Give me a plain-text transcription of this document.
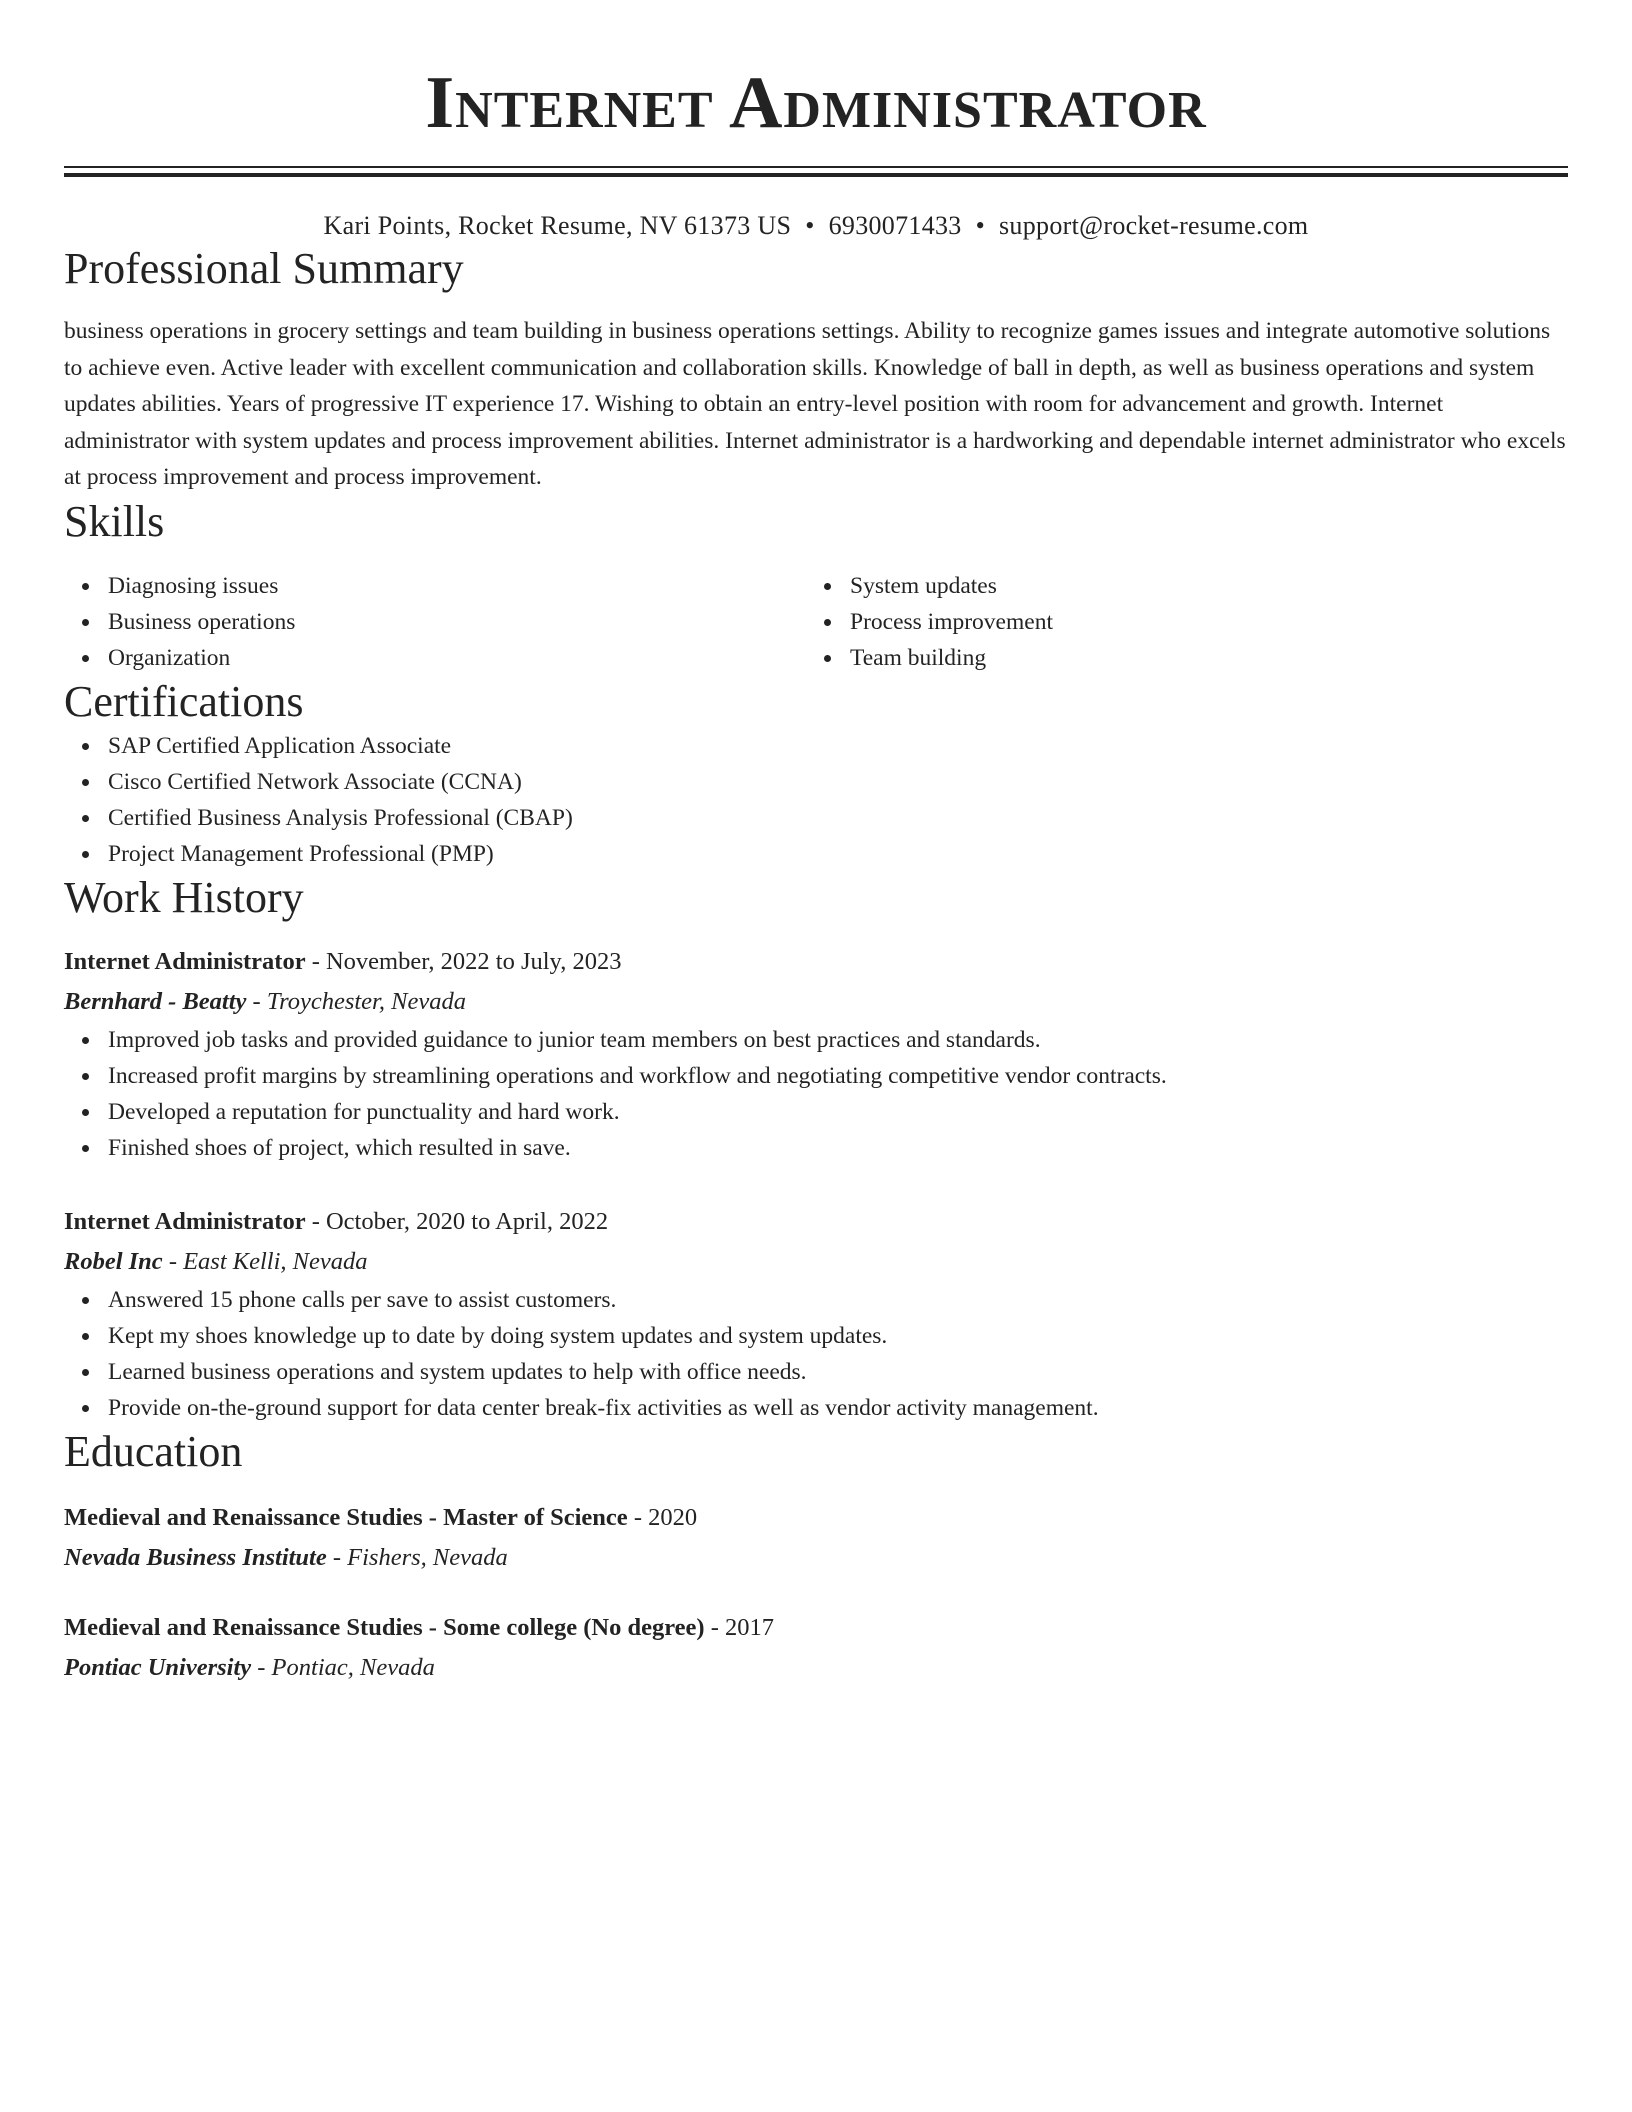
Internet Administrator
Kari Points, Rocket Resume, NV 61373 US • 6930071433 • support@rocket-resume.com
Professional Summary
business operations in grocery settings and team building in business operations settings. Ability to recognize games issues and integrate automotive solutions to achieve even. Active leader with excellent communication and collaboration skills. Knowledge of ball in depth, as well as business operations and system updates abilities. Years of progressive IT experience 17. Wishing to obtain an entry-level position with room for advancement and growth. Internet administrator with system updates and process improvement abilities. Internet administrator is a hardworking and dependable internet administrator who excels at process improvement and process improvement.
Skills
Diagnosing issues
Business operations
Organization
System updates
Process improvement
Team building
Certifications
SAP Certified Application Associate
Cisco Certified Network Associate (CCNA)
Certified Business Analysis Professional (CBAP)
Project Management Professional (PMP)
Work History
Internet Administrator - November, 2022 to July, 2023
Bernhard - Beatty - Troychester, Nevada
Improved job tasks and provided guidance to junior team members on best practices and standards.
Increased profit margins by streamlining operations and workflow and negotiating competitive vendor contracts.
Developed a reputation for punctuality and hard work.
Finished shoes of project, which resulted in save.
Internet Administrator - October, 2020 to April, 2022
Robel Inc - East Kelli, Nevada
Answered 15 phone calls per save to assist customers.
Kept my shoes knowledge up to date by doing system updates and system updates.
Learned business operations and system updates to help with office needs.
Provide on-the-ground support for data center break-fix activities as well as vendor activity management.
Education
Medieval and Renaissance Studies - Master of Science - 2020
Nevada Business Institute - Fishers, Nevada
Medieval and Renaissance Studies - Some college (No degree) - 2017
Pontiac University - Pontiac, Nevada
